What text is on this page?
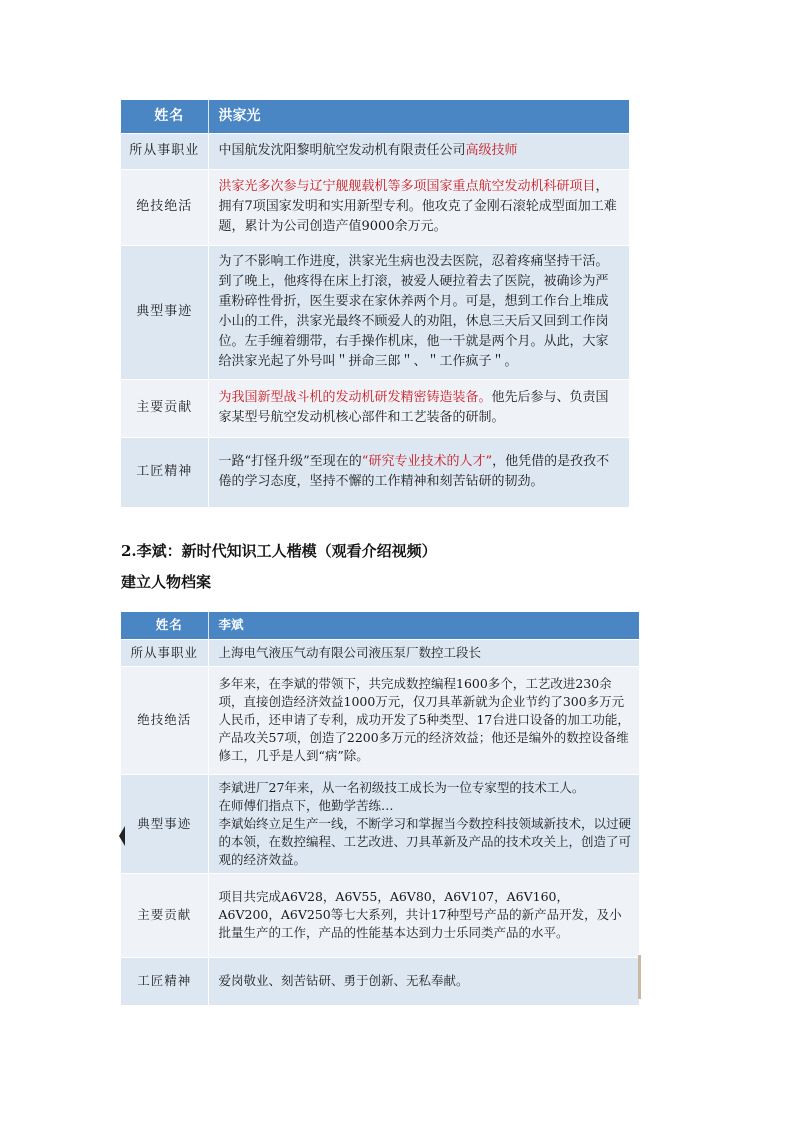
姓名	洪家光
所从事职业	中国航发沈阳黎明航空发动机有限责任公司高级技师
绝技绝活	洪家光多次参与辽宁舰舰载机等多项国家重点航空发动机科研项目，拥有7项国家发明和实用新型专利。他攻克了金刚石滚轮成型面加工难题，累计为公司创造产值9000余万元。
典型事迹	为了不影响工作进度，洪家光生病也没去医院，忍着疼痛坚持干活。到了晚上，他疼得在床上打滚，被爱人硬拉着去了医院，被确诊为严重粉碎性骨折，医生要求在家休养两个月。可是，想到工作台上堆成小山的工件，洪家光最终不顾爱人的劝阻，休息三天后又回到工作岗位。左手缠着绷带，右手操作机床，他一干就是两个月。从此，大家给洪家光起了外号叫＂拼命三郎＂、＂工作疯子＂。
主要贡献	为我国新型战斗机的发动机研发精密铸造装备。他先后参与、负责国家某型号航空发动机核心部件和工艺装备的研制。
工匠精神	一路“打怪升级”至现在的“研究专业技术的人才”，他凭借的是孜孜不倦的学习态度，坚持不懈的工作精神和刻苦钻研的韧劲。
2.李斌：新时代知识工人楷模（观看介绍视频）
建立人物档案
姓名	李斌
所从事职业	上海电气液压气动有限公司液压泵厂数控工段长
绝技绝活	多年来，在李斌的带领下，共完成数控编程1600多个，工艺改进230余项，直接创造经济效益1000万元，仅刀具革新就为企业节约了300多万元人民币，还申请了专利，成功开发了5种类型、17台进口设备的加工功能，产品攻关57项，创造了2200多万元的经济效益；他还是编外的数控设备维修工，几乎是人到“病”除。
典型事迹	李斌进厂27年来，从一名初级技工成长为一位专家型的技术工人。
在师傅们指点下，他勤学苦练…
李斌始终立足生产一线，不断学习和掌握当今数控科技领域新技术，以过硬的本领，在数控编程、工艺改进、刀具革新及产品的技术攻关上，创造了可观的经济效益。

主要贡献	项目共完成A6V28，A6V55，A6V80，A6V107，A6V160，A6V200，A6V250等七大系列，共计17种型号产品的新产品开发，及小批量生产的工作，产品的性能基本达到力士乐同类产品的水平。
工匠精神	爱岗敬业、刻苦钻研、勇于创新、无私奉献。
